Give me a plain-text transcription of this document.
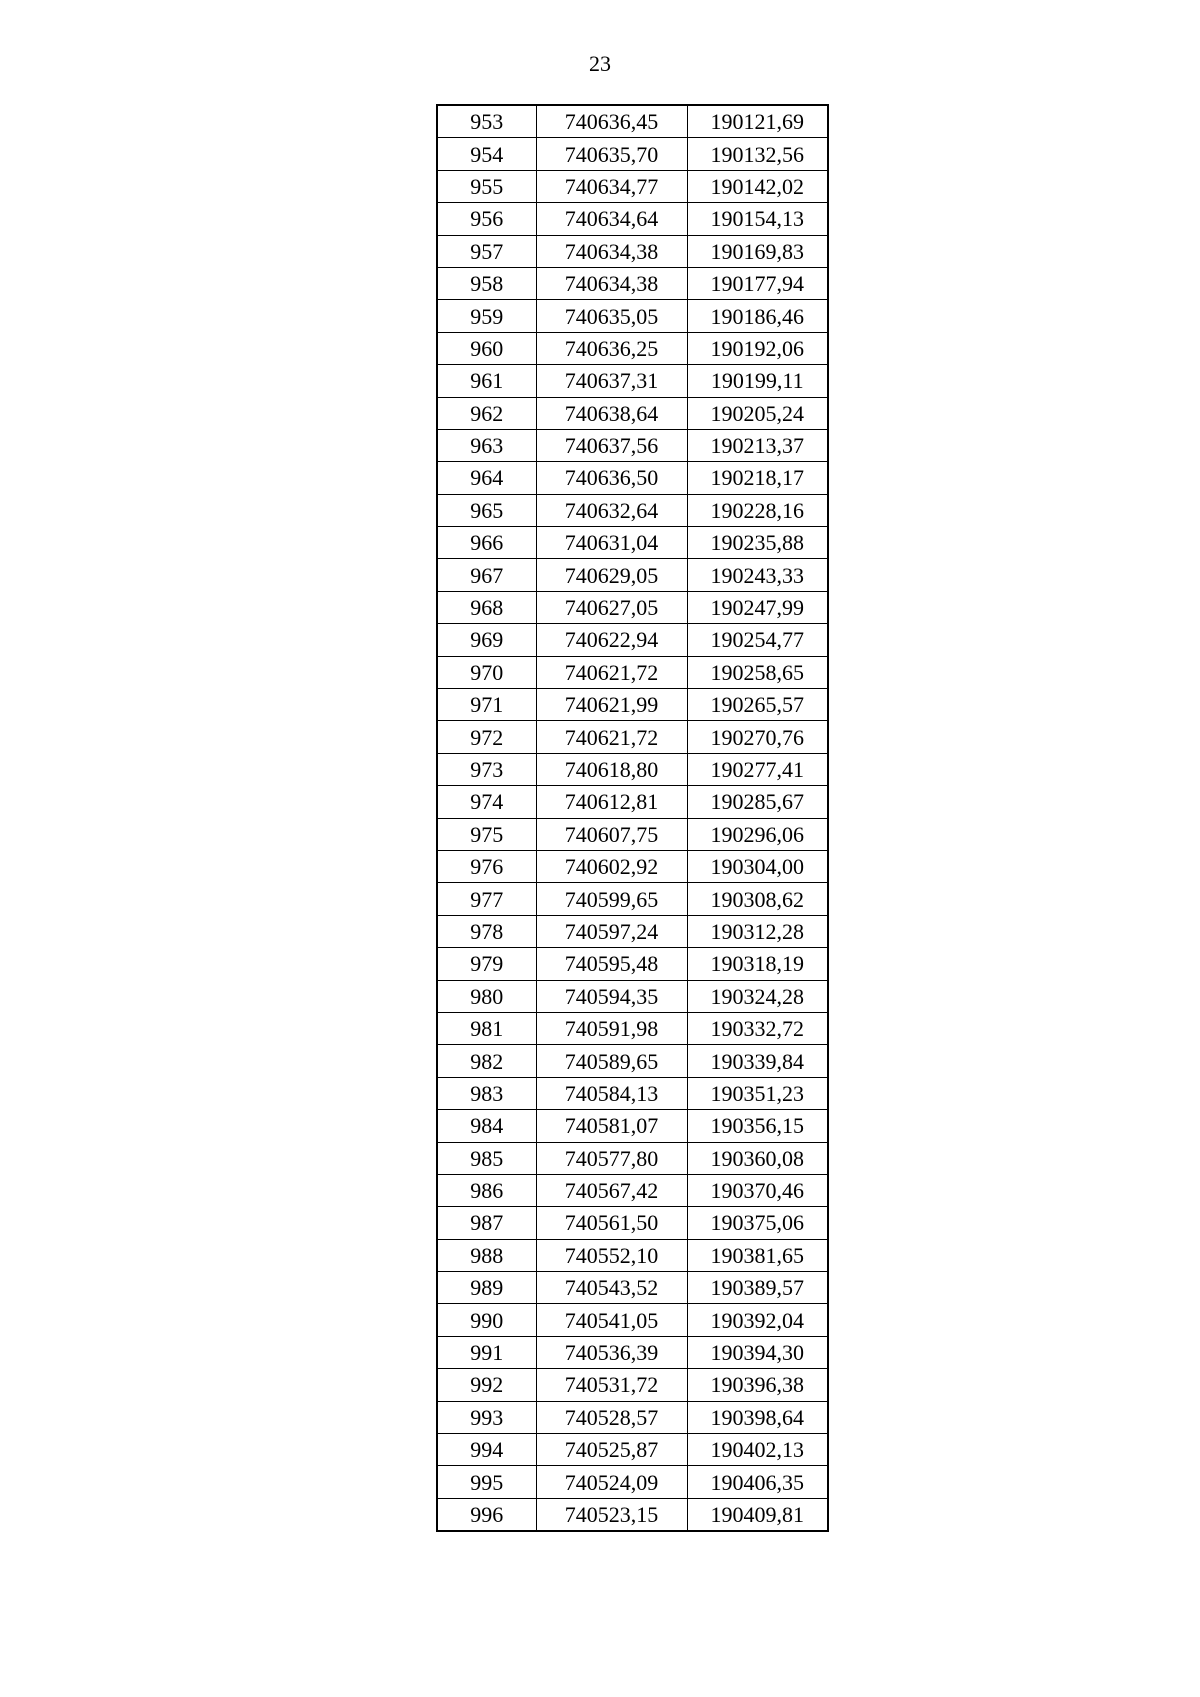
23
953	740636,45	190121,69
954	740635,70	190132,56
955	740634,77	190142,02
956	740634,64	190154,13
957	740634,38	190169,83
958	740634,38	190177,94
959	740635,05	190186,46
960	740636,25	190192,06
961	740637,31	190199,11
962	740638,64	190205,24
963	740637,56	190213,37
964	740636,50	190218,17
965	740632,64	190228,16
966	740631,04	190235,88
967	740629,05	190243,33
968	740627,05	190247,99
969	740622,94	190254,77
970	740621,72	190258,65
971	740621,99	190265,57
972	740621,72	190270,76
973	740618,80	190277,41
974	740612,81	190285,67
975	740607,75	190296,06
976	740602,92	190304,00
977	740599,65	190308,62
978	740597,24	190312,28
979	740595,48	190318,19
980	740594,35	190324,28
981	740591,98	190332,72
982	740589,65	190339,84
983	740584,13	190351,23
984	740581,07	190356,15
985	740577,80	190360,08
986	740567,42	190370,46
987	740561,50	190375,06
988	740552,10	190381,65
989	740543,52	190389,57
990	740541,05	190392,04
991	740536,39	190394,30
992	740531,72	190396,38
993	740528,57	190398,64
994	740525,87	190402,13
995	740524,09	190406,35
996	740523,15	190409,81
